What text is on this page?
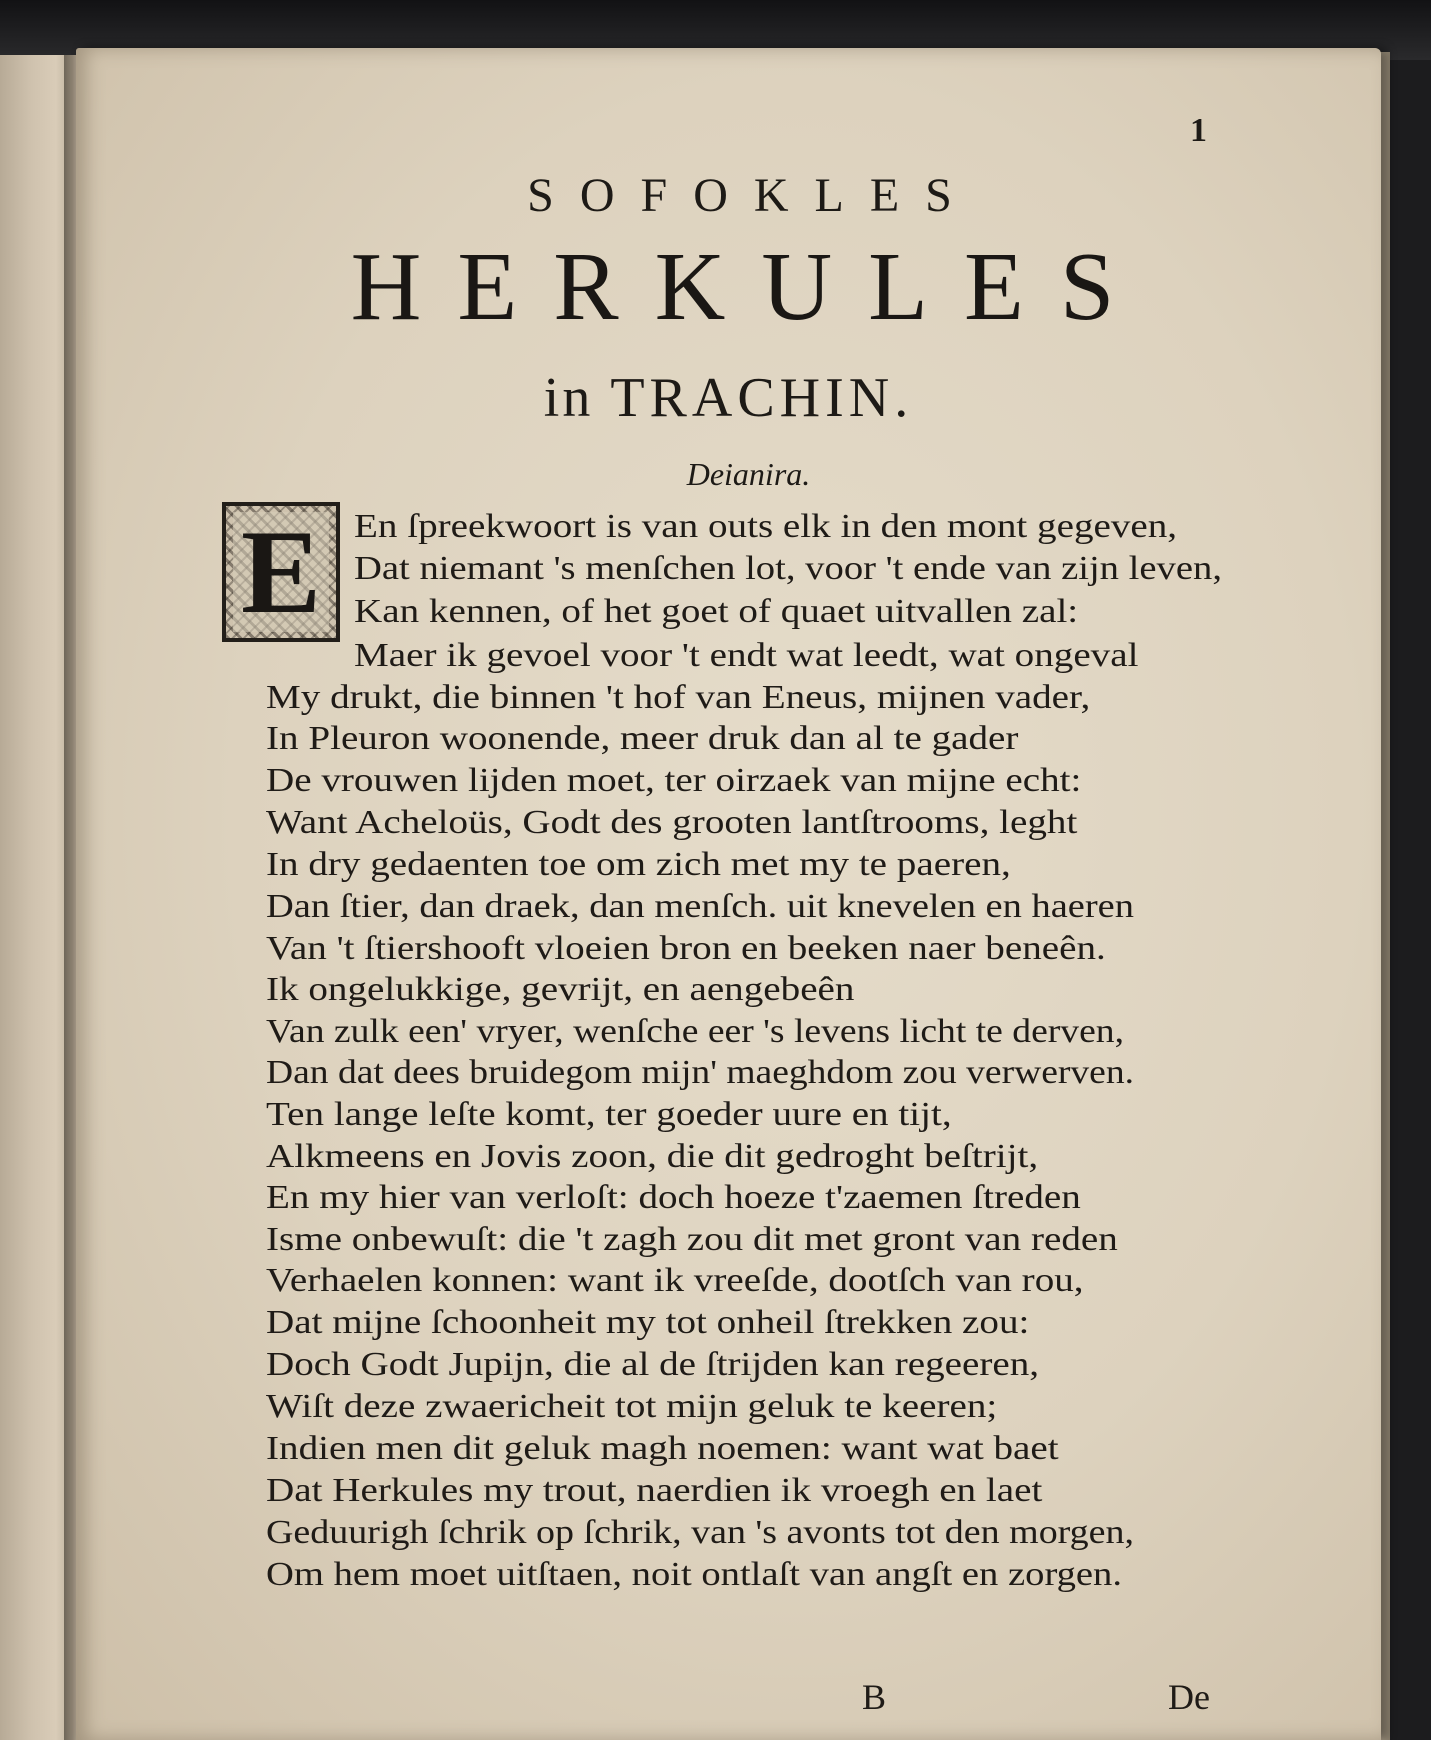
1
SOFOKLES
HERKULES
in TRACHIN.
Deianira.
E En ſpreekwoort is van outs elk in den mont gegeven,
Dat niemant 's menſchen lot, voor 't ende van zijn leven,
Kan kennen, of het goet of quaet uitvallen zal:
Maer ik gevoel voor 't endt wat leedt, wat ongeval
My drukt, die binnen 't hof van Eneus, mijnen vader,
In Pleuron woonende, meer druk dan al te gader
De vrouwen lijden moet, ter oirzaek van mijne echt:
Want Acheloüs, Godt des grooten lantſtrooms, leght
In dry gedaenten toe om zich met my te paeren,
Dan ſtier, dan draek, dan menſch. uit knevelen en haeren
Van 't ſtiershooft vloeien bron en beeken naer beneên.
Ik ongelukkige, gevrijt, en aengebeên
Van zulk een' vryer, wenſche eer 's levens licht te derven,
Dan dat dees bruidegom mijn' maeghdom zou verwerven.
Ten lange leſte komt, ter goeder uure en tijt,
Alkmeens en Jovis zoon, die dit gedroght beſtrijt,
En my hier van verloſt: doch hoeze t'zaemen ſtreden
Isme onbewuſt: die 't zagh zou dit met gront van reden
Verhaelen konnen: want ik vreeſde, dootſch van rou,
Dat mijne ſchoonheit my tot onheil ſtrekken zou:
Doch Godt Jupijn, die al de ſtrijden kan regeeren,
Wiſt deze zwaericheit tot mijn geluk te keeren;
Indien men dit geluk magh noemen: want wat baet
Dat Herkules my trout, naerdien ik vroegh en laet
Geduurigh ſchrik op ſchrik, van 's avonts tot den morgen,
Om hem moet uitſtaen, noit ontlaſt van angſt en zorgen.
B	De
